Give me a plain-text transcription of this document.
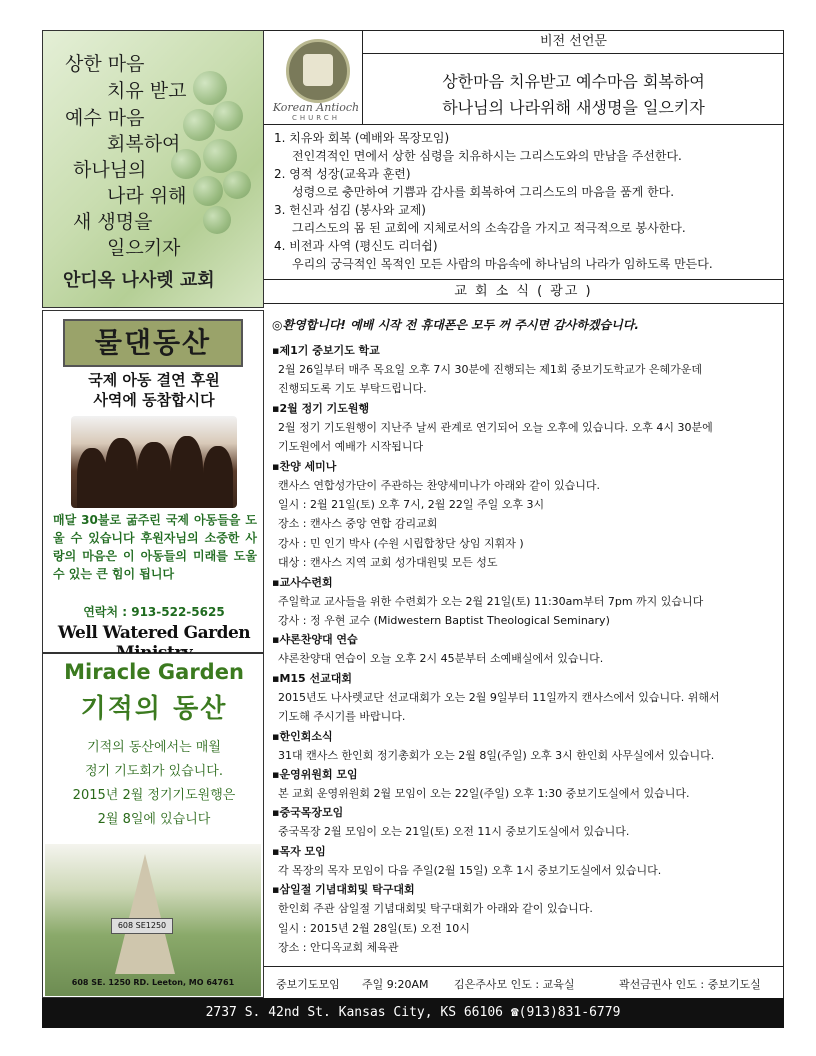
상한 마음
치유 받고
예수 마음
회복하여
하나님의
나라 위해
새 생명을
일으키자
안디옥 나사렛 교회
Korean Antioch
CHURCH
비전 선언문
상한마음 치유받고 예수마음 회복하여
하나님의 나라위해 새생명을 일으키자
1. 치유와 회복 (예배와 목장모임)
전인격적인 면에서 상한 심령을 치유하시는 그리스도와의 만남을 주선한다.
2. 영적 성장(교육과 훈련)
성령으로 충만하여 기쁨과 감사를 회복하여 그리스도의 마음을 품게 한다.
3. 헌신과 섬김 (봉사와 교제)
그리스도의 몸 된 교회에 지체로서의 소속감을 가지고 적극적으로 봉사한다.
4. 비전과 사역 (평신도 리더쉽)
우리의 궁극적인 목적인 모든 사람의 마음속에 하나님의 나라가 임하도록 만든다.
교 회 소 식 ( 광고 )
물댄동산
국제 아동 결연 후원
사역에 동참합시다
매달 30불로 굶주린 국제 아동들을 도울 수 있습니다 후원자님의 소중한 사랑의 마음은 이 아동들의 미래를 도울 수 있는 큰 힘이 됩니다
연락처 : 913-522-5625
Well Watered Garden
Miracle Garden
기적의 동산
기적의 동산에서는 매월
정기 기도회가 있습니다.
2015년 2월 정기기도원행은
2월 8일에 있습니다
608 SE1250
608 SE. 1250 RD. Leeton, MO 64761
◎환영합니다! 예배 시작 전 휴대폰은 모두 꺼 주시면 감사하겠습니다.
▪제1기 중보기도 학교
2월 26일부터 매주 목요일 오후 7시 30분에 진행되는 제1회 중보기도학교가 은혜가운데
진행되도록 기도 부탁드립니다.
▪2월 정기 기도원행
2월 정기 기도원행이 지난주 날씨 관계로 연기되어 오늘 오후에 있습니다. 오후 4시 30분에
기도원에서 예배가 시작됩니다
▪찬양 세미나
캔사스 연합성가단이 주관하는 찬양세미나가 아래와 같이 있습니다.
일시 : 2월 21일(토) 오후 7시, 2월 22일 주일 오후 3시
장소 : 캔사스 중앙 연합 감리교회
강사 : 민 인기 박사 (수원 시립합창단 상임 지휘자 )
대상 : 캔사스 지역 교회 성가대원및 모든 성도
▪교사수련회
주일학교 교사들을 위한 수련회가 오는 2월 21일(토) 11:30am부터 7pm 까지 있습니다
강사 : 정 우현 교수 (Midwestern Baptist Theological Seminary)
▪샤론찬양대 연습
샤론찬양대 연습이 오늘 오후 2시 45분부터 소예배실에서 있습니다.
▪M15 선교대회
2015년도 나사렛교단 선교대회가 오는 2월 9일부터 11일까지 캔사스에서 있습니다. 위해서
기도해 주시기를 바랍니다.
▪한인회소식
31대 캔사스 한인회 정기총회가 오는 2월 8일(주일) 오후 3시 한인회 사무실에서 있습니다.
▪운영위원회 모임
본 교회 운영위원회 2월 모임이 오는 22일(주일) 오후 1:30 중보기도실에서 있습니다.
▪중국목장모임
중국목장 2월 모임이 오는 21일(토) 오전 11시 중보기도실에서 있습니다.
▪목자 모임
각 목장의 목자 모임이 다음 주일(2월 15일) 오후 1시 중보기도실에서 있습니다.
▪삼일절 기념대회및 탁구대회
한인회 주관 삼일절 기념대회및 탁구대회가 아래와 같이 있습니다.
일시 : 2015년 2월 28일(토) 오전 10시
장소 : 안디옥교회 체육관
중보기도모임 주일 9:20AM 김은주사모 인도 : 교육실	곽선금권사 인도 : 중보기도실
2737 S. 42nd St. Kansas City, KS 66106 ☎(913)831-6779
